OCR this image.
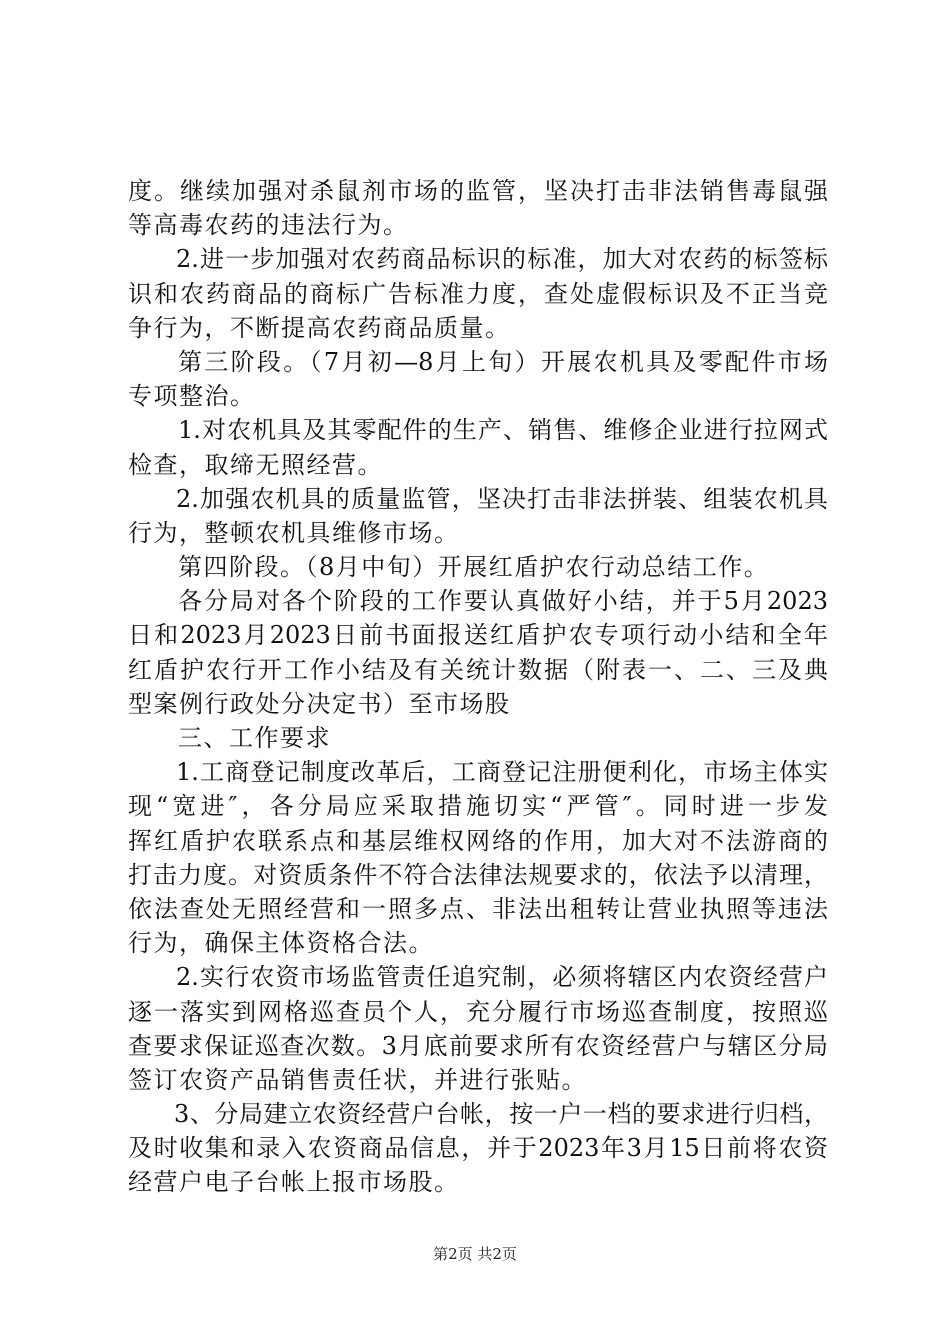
度。继续加强对杀鼠剂市场的监管，坚决打击非法销售毒鼠强
等高毒农药的违法行为。
2.进一步加强对农药商品标识的标准，加大对农药的标签标
识和农药商品的商标广告标准力度，查处虚假标识及不正当竞
争行为，不断提高农药商品质量。
第三阶段。（7月初—8月上旬）开展农机具及零配件市场
专项整治。
1.对农机具及其零配件的生产、销售、维修企业进行拉网式
检查，取缔无照经营。
2.加强农机具的质量监管，坚决打击非法拼装、组装农机具
行为，整顿农机具维修市场。
第四阶段。（8月中旬）开展红盾护农行动总结工作。
各分局对各个阶段的工作要认真做好小结，并于5月2023
日和2023月2023日前书面报送红盾护农专项行动小结和全年
红盾护农行开工作小结及有关统计数据（附表一、二、三及典
型案例行政处分决定书）至市场股
三、工作要求
1.工商登记制度改革后，工商登记注册便利化，市场主体实
现“宽进″，各分局应采取措施切实“严管″。同时进一步发
挥红盾护农联系点和基层维权网络的作用，加大对不法游商的
打击力度。对资质条件不符合法律法规要求的，依法予以清理，
依法查处无照经营和一照多点、非法出租转让营业执照等违法
行为，确保主体资格合法。
2.实行农资市场监管责任追究制，必须将辖区内农资经营户
逐一落实到网格巡查员个人，充分履行市场巡查制度，按照巡
查要求保证巡查次数。3月底前要求所有农资经营户与辖区分局
签订农资产品销售责任状，并进行张贴。
3、分局建立农资经营户台帐，按一户一档的要求进行归档，
及时收集和录入农资商品信息，并于2023年3月15日前将农资
经营户电子台帐上报市场股。
第2页 共2页
